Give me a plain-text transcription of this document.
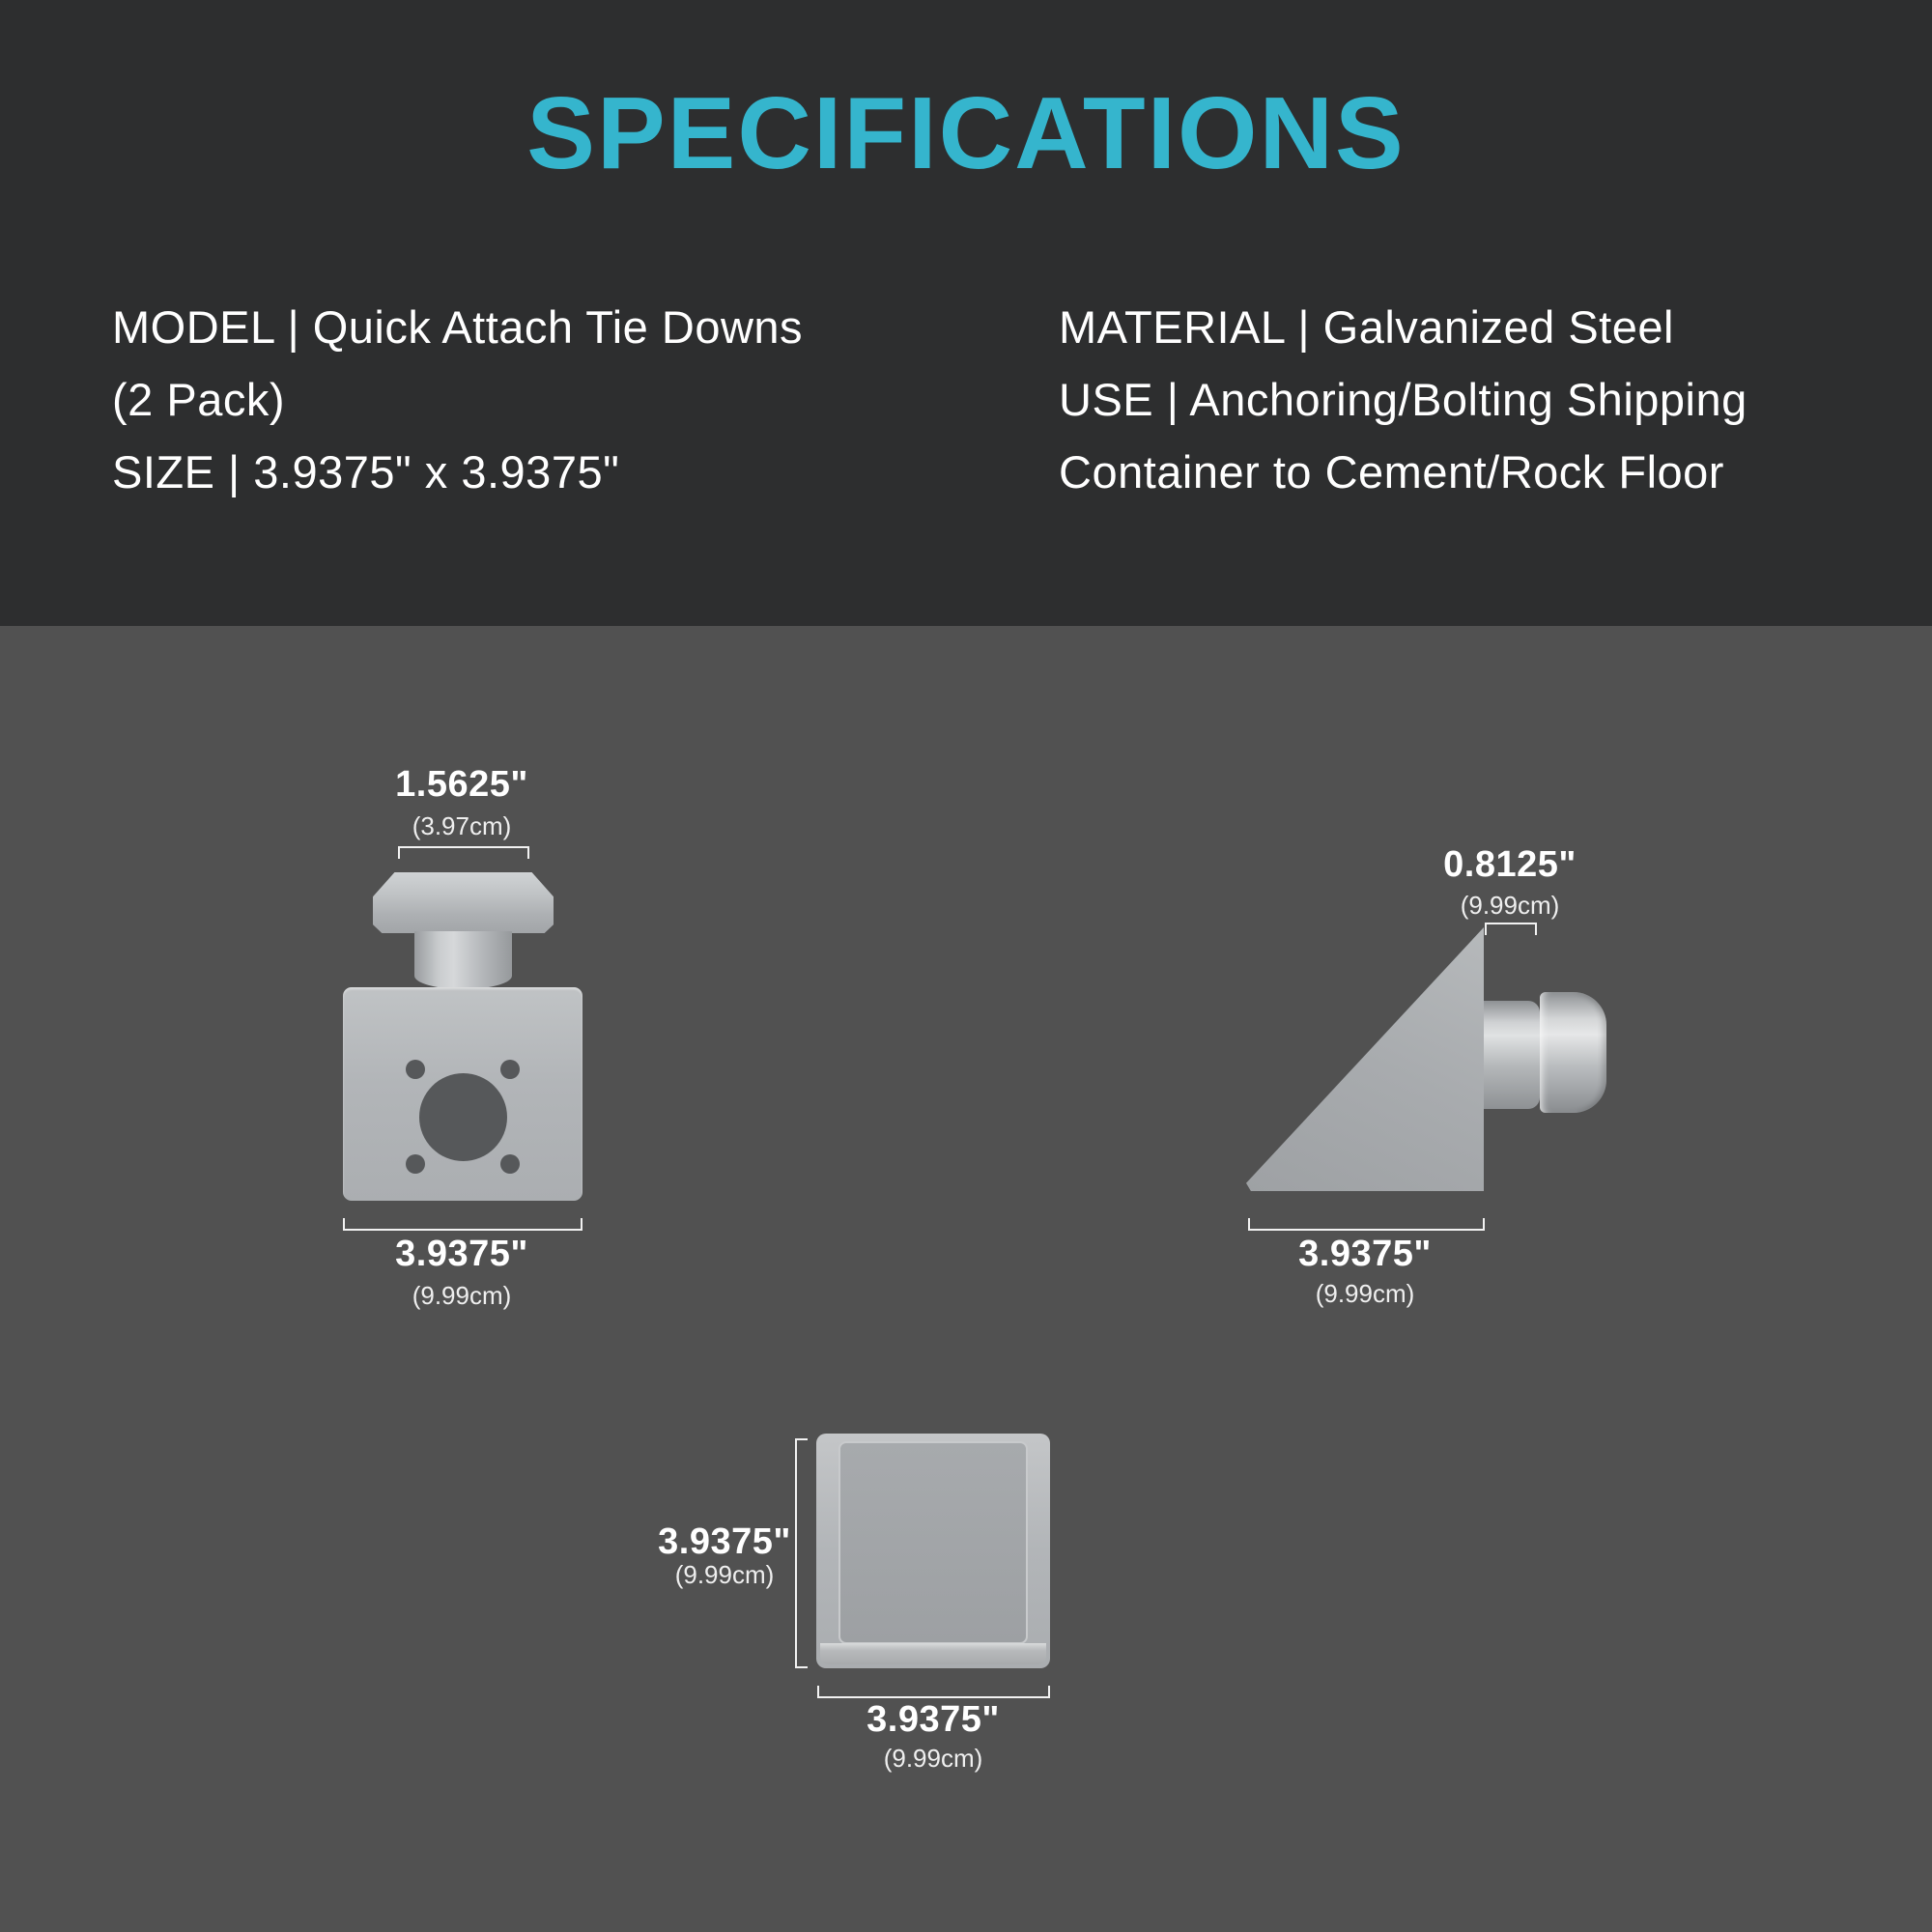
SPECIFICATIONS

MODEL | Quick Attach Tie Downs

(2 Pack)

SIZE | 3.9375" x 3.9375"

MATERIAL | Galvanized Steel

USE | Anchoring/Bolting Shipping

Container to Cement/Rock Floor

1.5625"
(3.97cm)
3.9375"
(9.99cm)
0.8125"
(9.99cm)
3.9375"
(9.99cm)
3.9375"
(9.99cm)
3.9375"
(9.99cm)
